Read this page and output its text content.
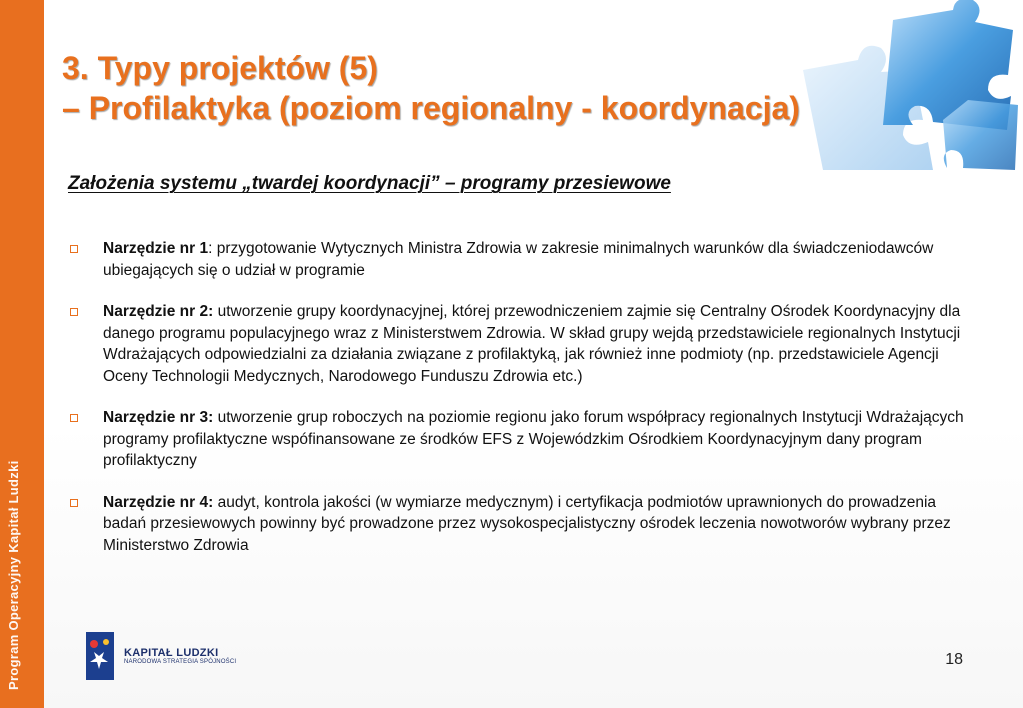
Program Operacyjny Kapitał Ludzki
3. Typy projektów (5)
– Profilaktyka (poziom regionalny - koordynacja)
Założenia systemu „twardej koordynacji” – programy przesiewowe
Narzędzie nr 1: przygotowanie Wytycznych Ministra Zdrowia w zakresie minimalnych warunków dla świadczeniodawców ubiegających się o udział w programie
Narzędzie nr 2: utworzenie grupy koordynacyjnej, której przewodniczeniem zajmie się Centralny Ośrodek Koordynacyjny dla danego programu populacyjnego wraz z Ministerstwem Zdrowia. W skład grupy wejdą przedstawiciele regionalnych Instytucji Wdrażających odpowiedzialni za działania związane z profilaktyką, jak również inne podmioty (np. przedstawiciele Agencji Oceny Technologii Medycznych, Narodowego Funduszu Zdrowia etc.)
Narzędzie nr 3: utworzenie grup roboczych na poziomie regionu jako forum współpracy regionalnych Instytucji Wdrażających programy profilaktyczne wspófinansowane ze środków EFS z Wojewódzkim Ośrodkiem Koordynacyjnym dany program profilaktyczny
Narzędzie nr 4: audyt, kontrola jakości (w wymiarze medycznym) i certyfikacja podmiotów uprawnionych do prowadzenia badań przesiewowych powinny być prowadzone przez wysokospecjalistyczny ośrodek leczenia nowotworów wybrany przez Ministerstwo Zdrowia
KAPITAŁ LUDZKI
NARODOWA STRATEGIA SPÓJNOŚCI	18
